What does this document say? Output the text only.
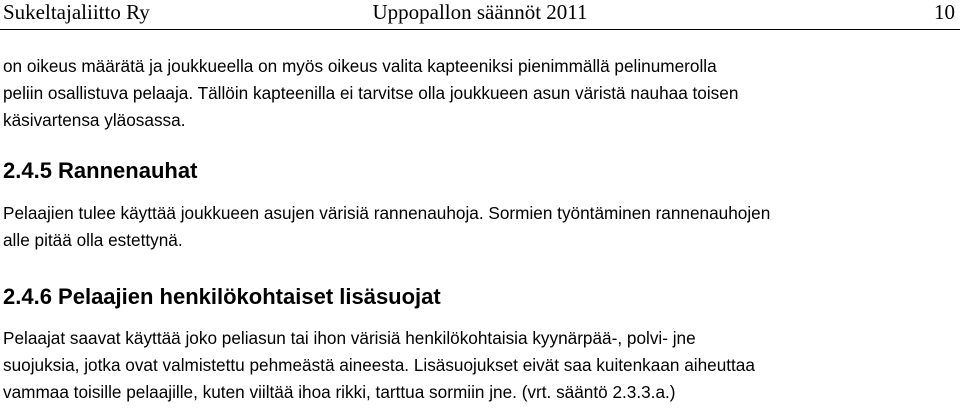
Sukeltajaliitto Ry	Uppopallon säännöt 2011	10
on oikeus määrätä ja joukkueella on myös oikeus valita kapteeniksi pienimmällä pelinumerolla
peliin osallistuva pelaaja. Tällöin kapteenilla ei tarvitse olla joukkueen asun väristä nauhaa toisen
käsivartensa yläosassa.
2.4.5 Rannenauhat
Pelaajien tulee käyttää joukkueen asujen värisiä rannenauhoja. Sormien työntäminen rannenauhojen
alle pitää olla estettynä.
2.4.6 Pelaajien henkilökohtaiset lisäsuojat
Pelaajat saavat käyttää joko peliasun tai ihon värisiä henkilökohtaisia kyynärpää-, polvi- jne
suojuksia, jotka ovat valmistettu pehmeästä aineesta. Lisäsuojukset eivät saa kuitenkaan aiheuttaa
vammaa toisille pelaajille, kuten viiltää ihoa rikki, tarttua sormiin jne. (vrt. sääntö 2.3.3.a.)
